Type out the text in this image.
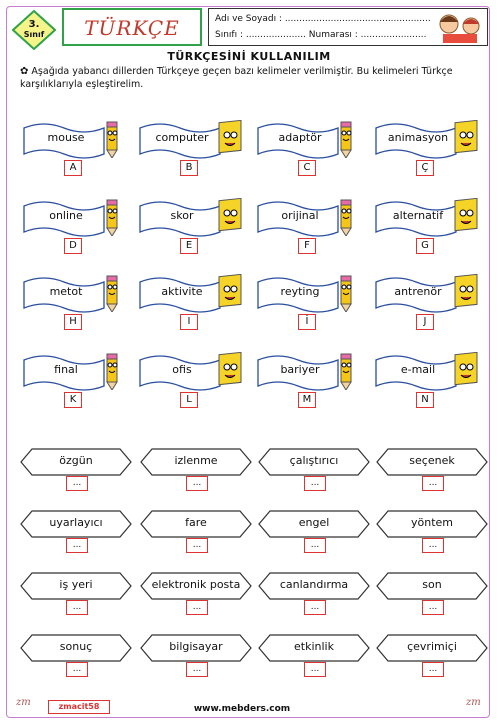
3.
Sınıf	TÜRKÇE	Adı ve Soyadı : ...................................................
Sınıfı : ..................... Numarası : .......................
TÜRKÇESİNİ KULLANILIM
✿ Aşağıda yabancı dillerden Türkçeye geçen bazı kelimeler verilmiştir. Bu kelimeleri Türkçe karşılıklarıyla eşleştirelim.
mouse
A
computer
B
adaptör
C
animasyon
Ç
online
D
skor
E
orijinal
F
alternatif
G
metot
H
aktivite
I
reyting
İ
antrenör
J
final
K
ofis
L
bariyer
M
e-mail
N
özgün
...
izlenme
...
çalıştırıcı
...
seçenek
...
uyarlayıcı
...
fare
...
engel
...
yöntem
...
iş yeri
...
elektronik posta
...
canlandırma
...
son
...
sonuç
...
bilgisayar
...
etkinlik
...
çevrimiçi
...
zmacit58	www.mebders.com
zm	zm
